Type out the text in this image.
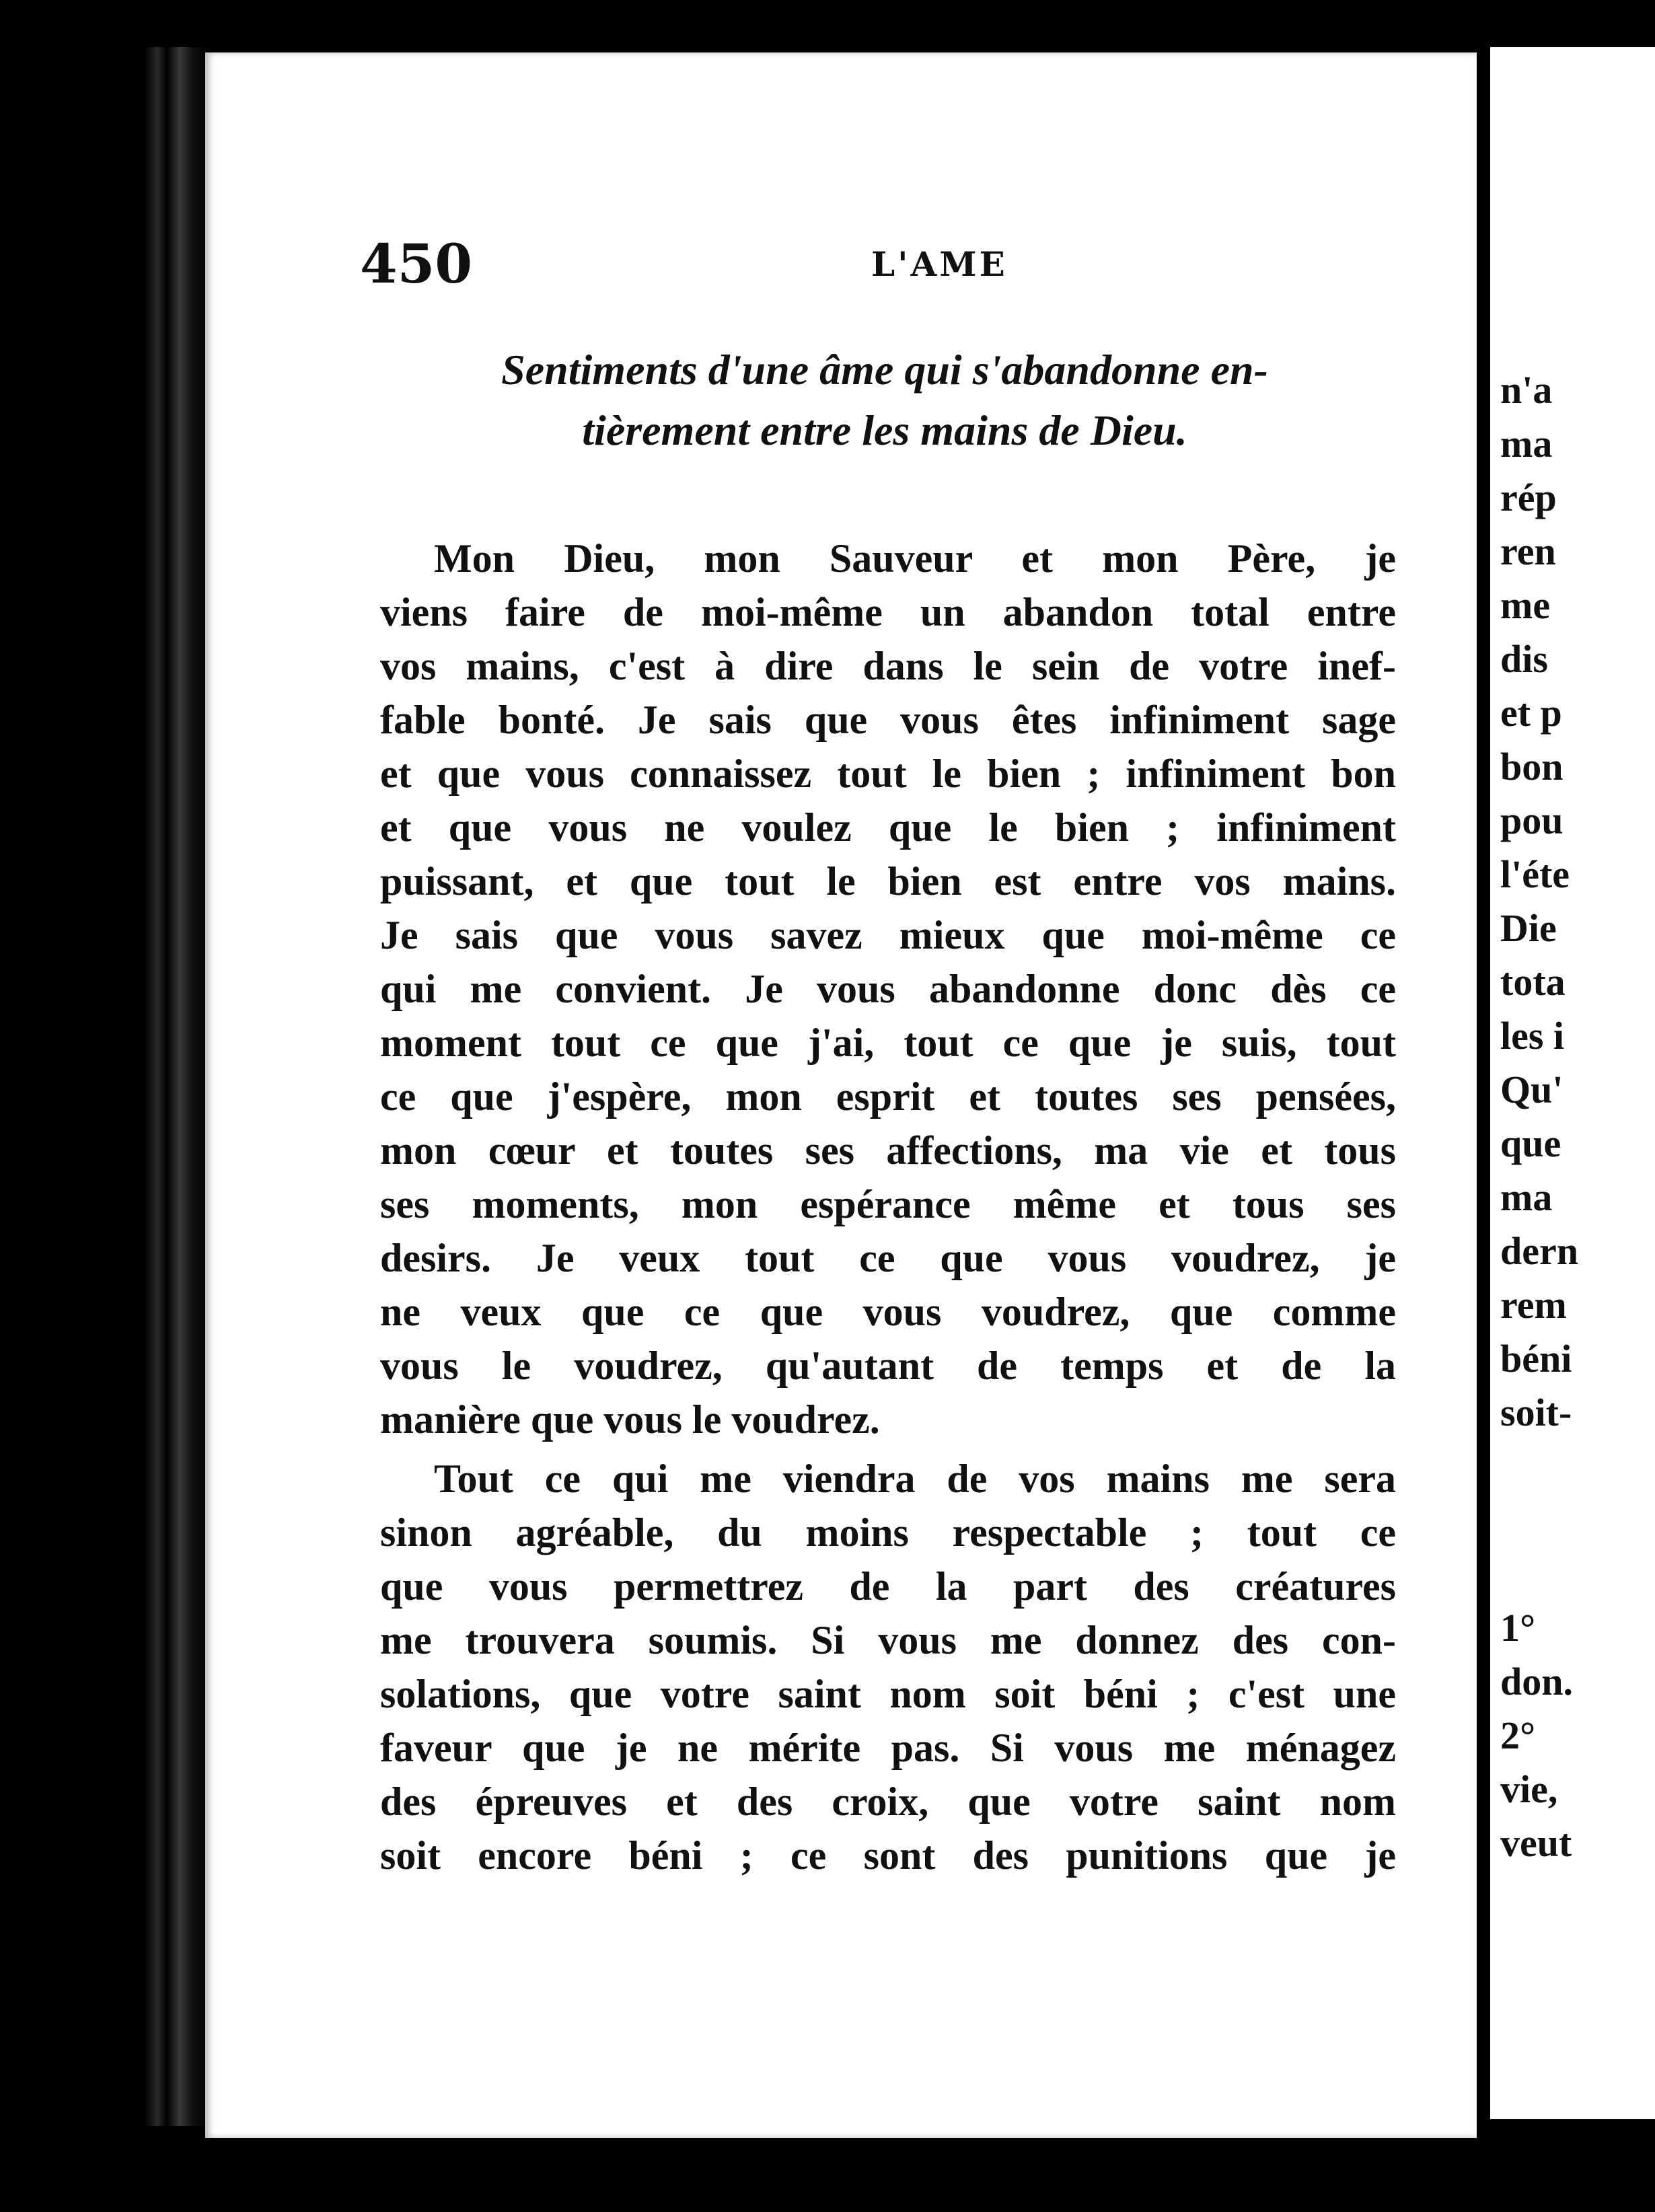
450	L'AME
Sentiments d'une âme qui s'abandonne en-
tièrement entre les mains de Dieu.
Mon Dieu, mon Sauveur et mon Père, je
viens faire de moi-même un abandon total entre
vos mains, c'est à dire dans le sein de votre inef-
fable bonté. Je sais que vous êtes infiniment sage
et que vous connaissez tout le bien ; infiniment bon
et que vous ne voulez que le bien ; infiniment
puissant, et que tout le bien est entre vos mains.
Je sais que vous savez mieux que moi-même ce
qui me convient. Je vous abandonne donc dès ce
moment tout ce que j'ai, tout ce que je suis, tout
ce que j'espère, mon esprit et toutes ses pensées,
mon cœur et toutes ses affections, ma vie et tous
ses moments, mon espérance même et tous ses
desirs. Je veux tout ce que vous voudrez, je
ne veux que ce que vous voudrez, que comme
vous le voudrez, qu'autant de temps et de la
manière que vous le voudrez.
Tout ce qui me viendra de vos mains me sera
sinon agréable, du moins respectable ; tout ce
que vous permettrez de la part des créatures
me trouvera soumis. Si vous me donnez des con-
solations, que votre saint nom soit béni ; c'est une
faveur que je ne mérite pas. Si vous me ménagez
des épreuves et des croix, que votre saint nom
soit encore béni ; ce sont des punitions que je
n'a
ma
rép
ren
me
dis
et p
bon
pou
l'éte
Die
tota
les i
Qu'
que
ma
dern
rem
béni
soit-
1°
don.
2°
vie,
veut
